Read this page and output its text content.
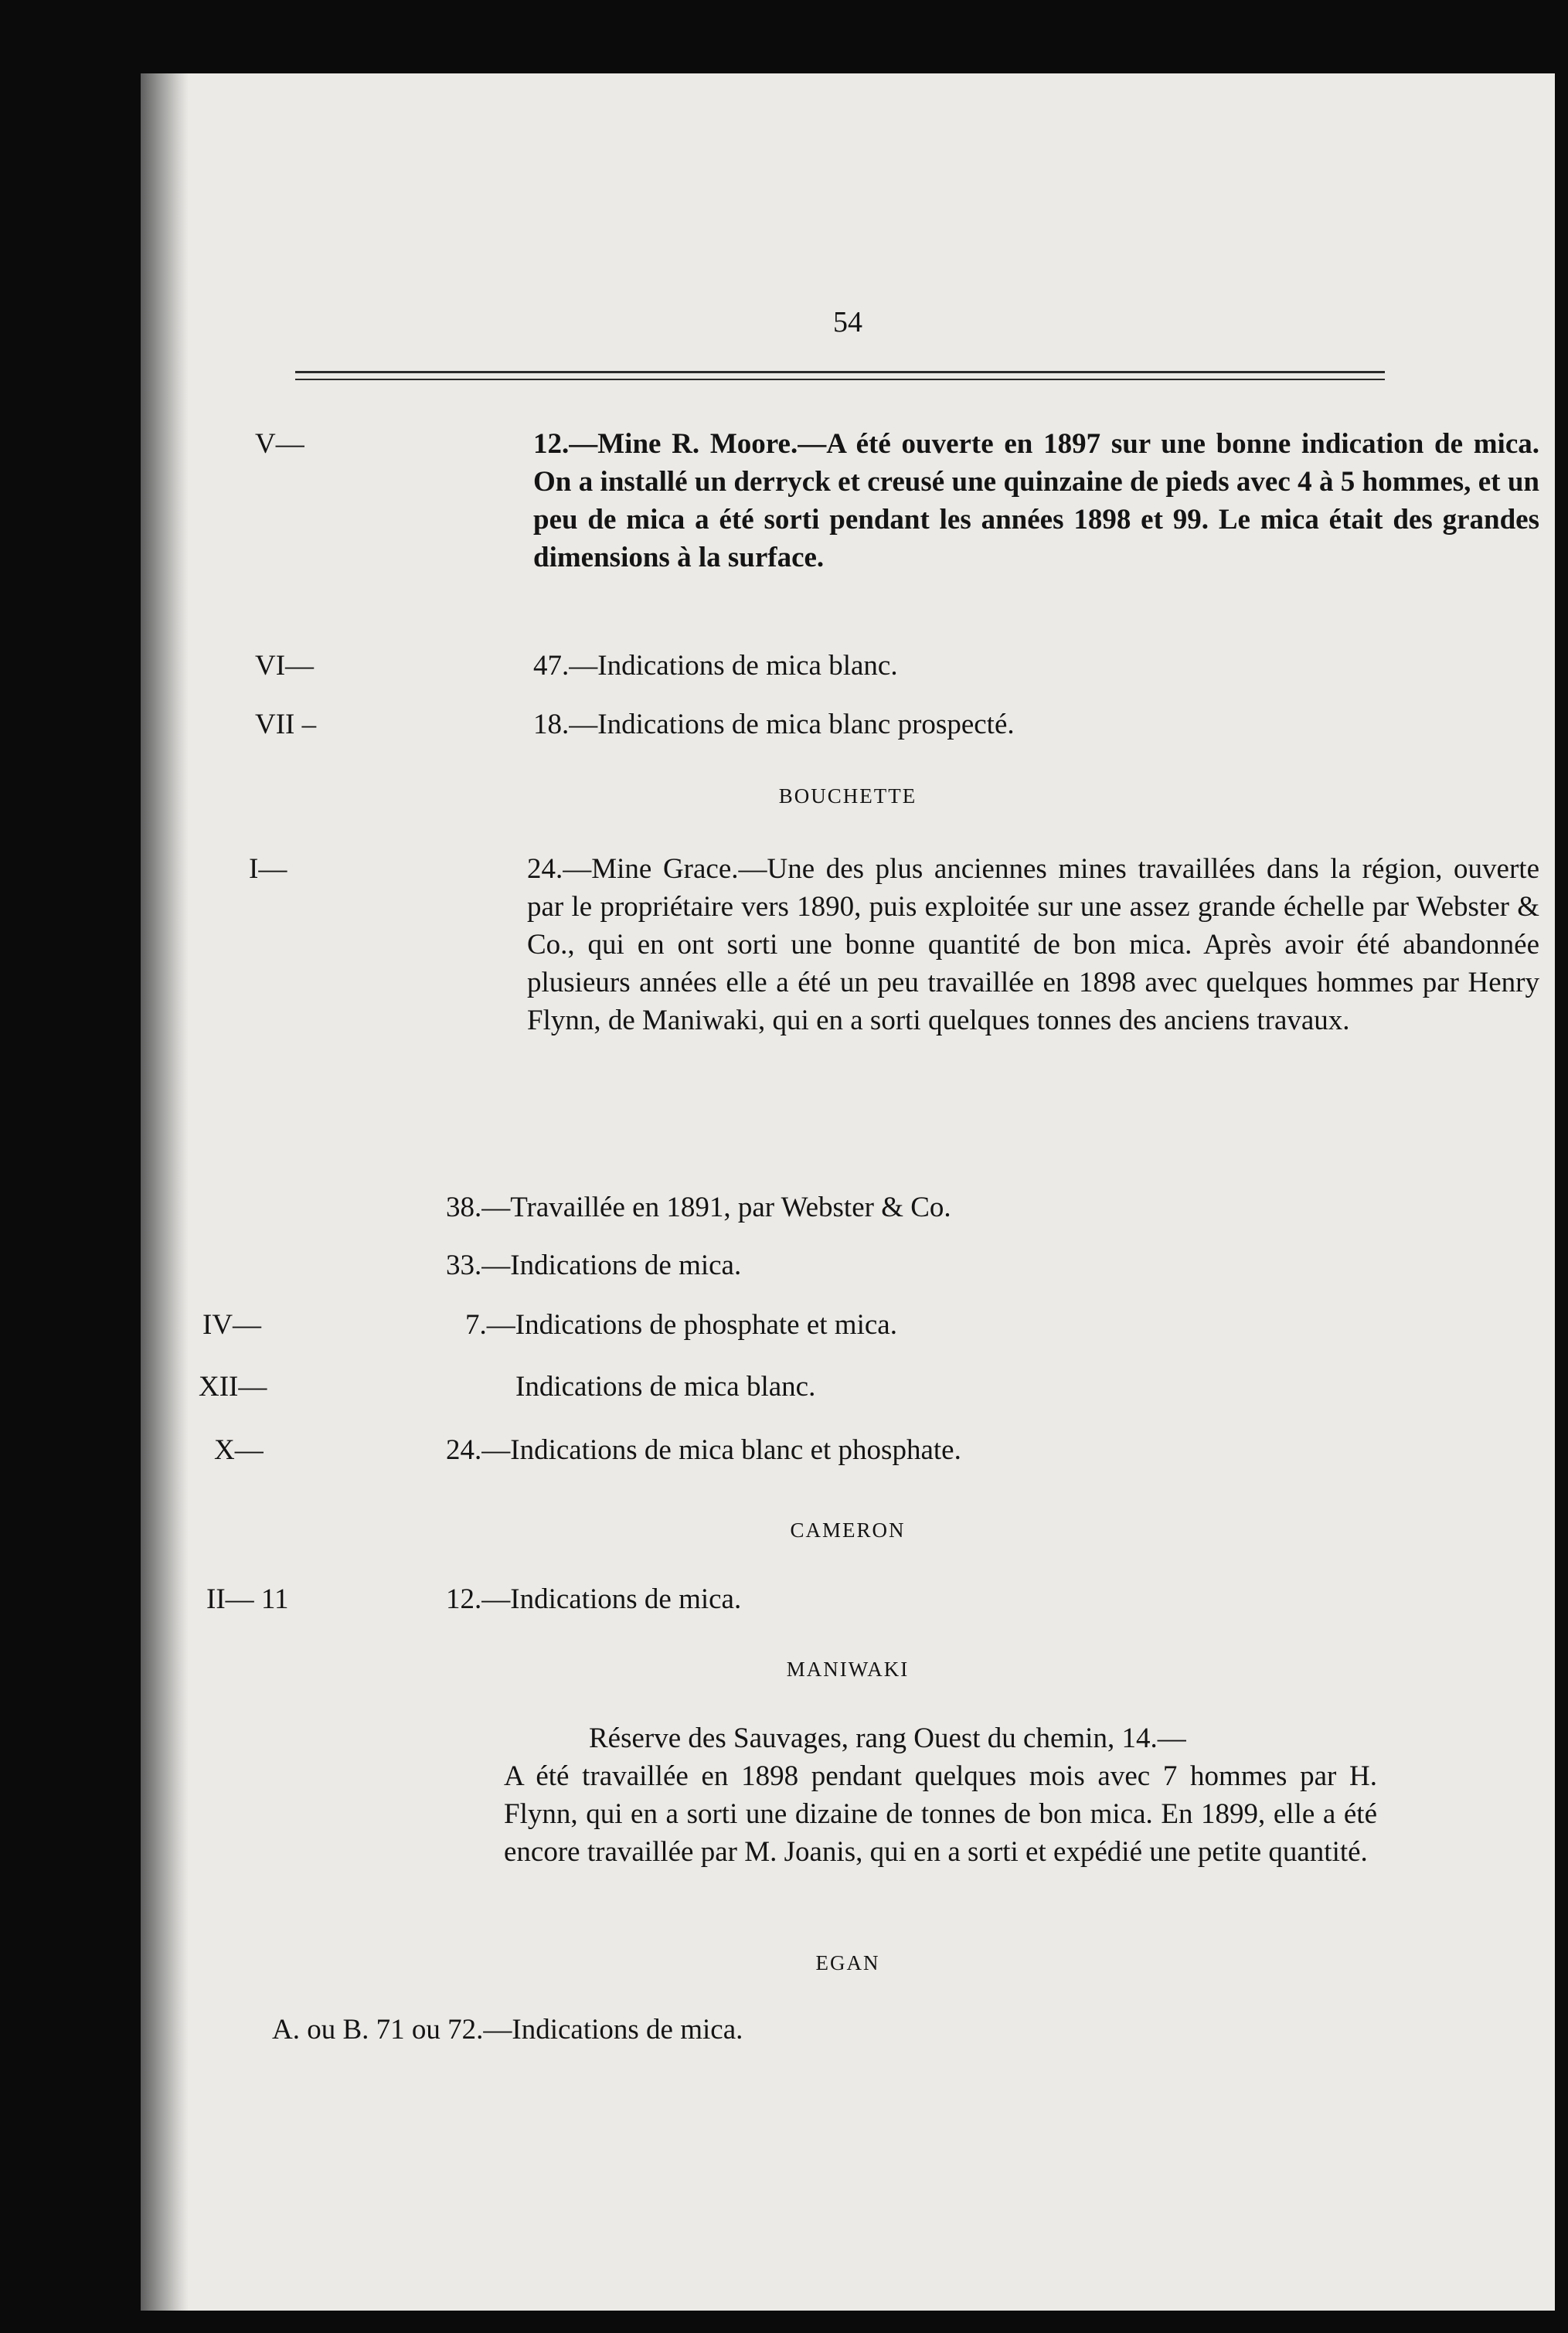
54
V—	12.—Mine R. Moore.—A été ouverte en 1897 sur une bonne indication de mica. On a installé un derryck et creusé une quinzaine de pieds avec 4 à 5 hommes, et un peu de mica a été sorti pendant les années 1898 et 99. Le mica était des grandes dimensions à la surface.
VI—	47.—Indications de mica blanc.
VII –	18.—Indications de mica blanc prospecté.
BOUCHETTE
I—	24.—Mine Grace.—Une des plus anciennes mines travaillées dans la région, ouverte par le propriétaire vers 1890, puis exploitée sur une assez grande échelle par Webster & Co., qui en ont sorti une bonne quantité de bon mica. Après avoir été abandonnée plusieurs années elle a été un peu travaillée en 1898 avec quelques hommes par Henry Flynn, de Maniwaki, qui en a sorti quelques tonnes des anciens travaux.
38.—Travaillée en 1891, par Webster & Co.
33.—Indications de mica.
IV—	7.—Indications de phosphate et mica.
XII—	Indications de mica blanc.
X—	24.—Indications de mica blanc et phosphate.
CAMERON
II— 11	12.—Indications de mica.
MANIWAKI
Réserve des Sauvages, rang Ouest du chemin, 14.—
A été travaillée en 1898 pendant quelques mois avec 7 hommes par H. Flynn, qui en a sorti une dizaine de tonnes de bon mica. En 1899, elle a été encore travaillée par M. Joanis, qui en a sorti et expédié une petite quantité.
EGAN
A. ou B. 71 ou 72.—Indications de mica.
